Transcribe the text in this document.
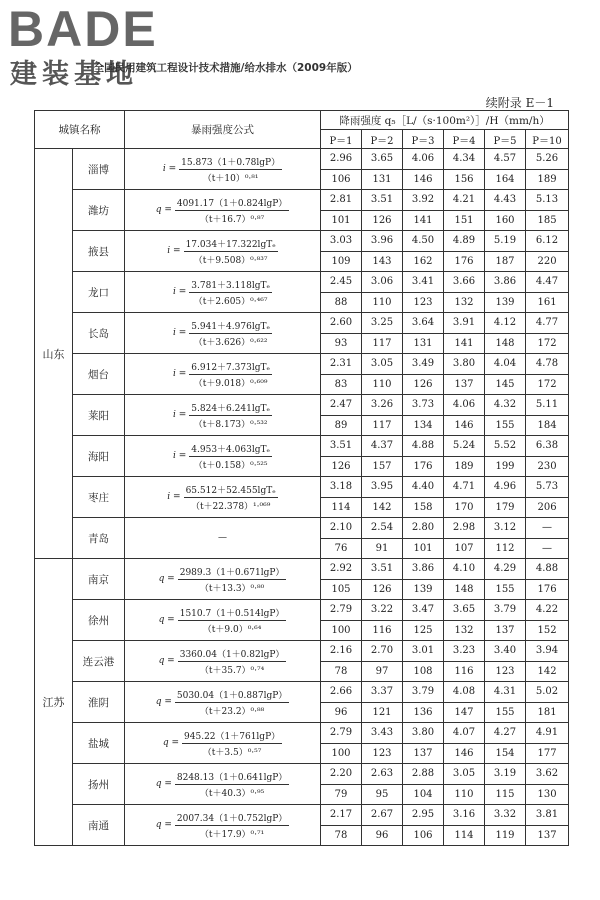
BADE
建装基地
· 全国民用建筑工程设计技术措施/给水排水（2009年版）
续附录 E－1
城镇名称		暴雨强度公式	降雨强度 q₅［L/（s·100m²）］/H（mm/h）					
			P＝1	P＝2	P＝3	P＝4	P＝5	P＝10
山东	淄博	$i = \frac{15.873(1+0.78\lg P)}{\text{（t＋10）⁰·⁸¹}}$	2.96	3.65	4.06	4.34	4.57	5.26
			106	131	146	156	164	189
	潍坊	$q = \frac{4091.17(1+0.824\lg P)}{\text{（t＋16.7）⁰·⁸⁷}}$	2.81	3.51	3.92	4.21	4.43	5.13
			101	126	141	151	160	185
	掖县	$i = \frac{\text{17.034＋17.322lgTₑ}}{\text{（t＋9.508）⁰·⁸³⁷}}$	3.03	3.96	4.50	4.89	5.19	6.12
			109	143	162	176	187	220
	龙口	$i = \frac{\text{3.781＋3.118lgTₑ}}{\text{（t＋2.605）⁰·⁴⁶⁷}}$	2.45	3.06	3.41	3.66	3.86	4.47
			88	110	123	132	139	161
	长岛	$i = \frac{\text{5.941＋4.976lgTₑ}}{\text{（t＋3.626）⁰·⁶²²}}$	2.60	3.25	3.64	3.91	4.12	4.77
			93	117	131	141	148	172
	烟台	$i = \frac{\text{6.912＋7.373lgTₑ}}{\text{（t＋9.018）⁰·⁶⁰⁹}}$	2.31	3.05	3.49	3.80	4.04	4.78
			83	110	126	137	145	172
	莱阳	$i = \frac{\text{5.824＋6.241lgTₑ}}{\text{（t＋8.173）⁰·⁵³²}}$	2.47	3.26	3.73	4.06	4.32	5.11
			89	117	134	146	155	184
	海阳	$i = \frac{\text{4.953＋4.063lgTₑ}}{\text{（t＋0.158）⁰·⁵²⁵}}$	3.51	4.37	4.88	5.24	5.52	6.38
			126	157	176	189	199	230
	枣庄	$i = \frac{\text{65.512＋52.455lgTₑ}}{\text{（t＋22.378）¹·⁰⁶⁹}}$	3.18	3.95	4.40	4.71	4.96	5.73
			114	142	158	170	179	206
	青岛	—	2.10	2.54	2.80	2.98	3.12	—
			76	91	101	107	112	—
江苏	南京	$q = \frac{2989.3(1+0.671\lg P)}{\text{（t＋13.3）⁰·⁸⁰}}$	2.92	3.51	3.86	4.10	4.29	4.88
			105	126	139	148	155	176
	徐州	$q = \frac{1510.7(1+0.514\lg P)}{\text{（t＋9.0）⁰·⁶⁴}}$	2.79	3.22	3.47	3.65	3.79	4.22
			100	116	125	132	137	152
	连云港	$q = \frac{3360.04(1+0.82\lg P)}{\text{（t＋35.7）⁰·⁷⁴}}$	2.16	2.70	3.01	3.23	3.40	3.94
			78	97	108	116	123	142
	淮阴	$q = \frac{5030.04(1+0.887\lg P)}{\text{（t＋23.2）⁰·⁸⁸}}$	2.66	3.37	3.79	4.08	4.31	5.02
			96	121	136	147	155	181
	盐城	$q = \frac{945.22(1+761\lg P)}{\text{（t＋3.5）⁰·⁵⁷}}$	2.79	3.43	3.80	4.07	4.27	4.91
			100	123	137	146	154	177
	扬州	$q = \frac{8248.13(1+0.641\lg P)}{\text{（t＋40.3）⁰·⁹⁵}}$	2.20	2.63	2.88	3.05	3.19	3.62
			79	95	104	110	115	130
	南通	$q = \frac{2007.34(1+0.752\lg P)}{\text{（t＋17.9）⁰·⁷¹}}$	2.17	2.67	2.95	3.16	3.32	3.81
			78	96	106	114	119	137
